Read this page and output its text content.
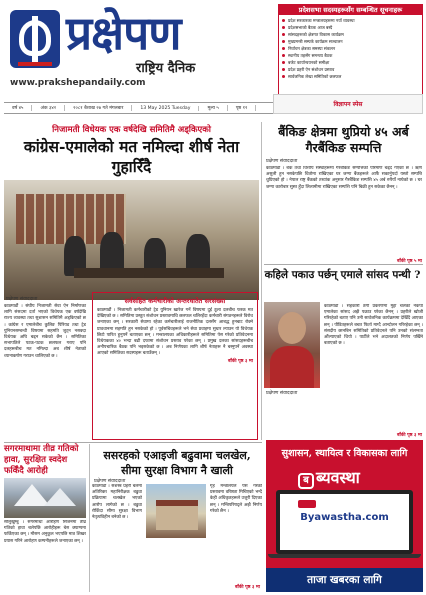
प्रक्षेपण
राष्ट्रिय दैनिक
www.prakshepandaily.com
प्रदेशसभा सदस्यहरूसँग सम्बन्धित सूचनाहरू
प्रदेश सरकारका मन्त्रालयहरूमा नयाँ व्यवस्था
प्रदेशसभाको बैठक आज बस्दै
सांसदहरूको क्षेत्रगत विकास कार्यक्रम
मुख्यमन्त्री सम्पर्क कार्यक्रम सञ्चालन
निर्वाचन क्षेत्रका समस्या संकलन
स्थानीय तहसँग समन्वय बैठक
बजेट कार्यान्वयनको समीक्षा
प्रदेश प्रहरी ऐन संशोधन प्रस्ताव
सार्वजनिक लेखा समितिको छलफल
वर्ष ४५	अंक ३४२	२०८१ बैशाख २७ गते मंगलबार	13 May 2025 Tuesday	मूल्य ५	पृष्ठ १२
विज्ञापन स्पेस
निजामती विधेयक एक वर्षदेखि समितिमै अड्किएको
कांग्रेस-एमालेको मत नमिल्दा शीर्ष नेता गुहारिँदै
प्रक्षेपण संवाददाता
काठमाडौं । संघीय निजामती सेवा ऐन निर्माणका लागि संसदमा दर्ता भएको विधेयक एक वर्षदेखि राज्य व्यवस्था तथा सुशासन समितिमै अड्किएको छ । कांग्रेस र एमालेबीच कुलिङ पिरियड तथा ट्रेड युनियनसम्बन्धी विषयमा सहमति जुट्न नसक्दा विधेयक अघि बढ्न सकेको छैन । समितिका सभापतिले पटक-पटक छलफल गराए पनि दलहरूबीच मत नमिल्दा अब शीर्ष नेताको ध्यानाकर्षण गराउन थालिएको छ ।
सर्वसहित कर्मचारीको अन्तरघातेत सरसंख्या
काठमाडौं । निजामती कर्मचारीको ट्रेड युनियन खारेज गर्ने विषयमा दुई ठूला दलबीच फरक मत देखिएको छ । समितिमा प्रस्तुत संशोधन प्रस्तावमाथि छलफल चलिरहँदा कर्मचारी संगठनहरूले विरोध जनाएका छन् । सरकारी सेवामा रहेका कर्मचारीलाई राजनीतिक दलसँग आबद्ध हुनबाट रोक्ने प्रावधानमा सहमति हुन नसकेको हो । पूर्वसचिवहरूले भने सेवा प्रवाहमा सुधार ल्याउन यो विधेयक छिटो पारित हुनुपर्ने बताएका छन् । मन्त्रालयका अधिकारीहरूले समितिमा पेस गरेको प्रतिवेदनमा विधेयकका ४० भन्दा बढी दफामा संशोधन प्रस्ताव परेका छन् । प्रमुख दलका सांसदहरूबीच अनौपचारिक बैठक पनि भइसकेको छ । अब निर्णयका लागि शीर्ष नेताहरू नै बस्नुपर्ने अवस्था आएको समितिका सदस्यहरू बताउँछन् ।
बाँकी पृष्ठ ३ मा
बैंकिङ क्षेत्रमा थुप्रियो ४५ अर्ब गैरबैंकिङ सम्पत्ति
प्रक्षेपण संवाददाता
काठमाडौं । बैंक तथा वित्तीय संस्थाहरूमा गैरबैंकिङ सम्पत्तिको परिमाण बढ्दै गएको छ । ऋण असुली हुन नसकेपछि धितोमा राखिएका घर जग्गा बैंकहरूले आफैं सकार्नुपर्दा यस्तो सम्पत्ति थुप्रिएको हो । नेपाल राष्ट्र बैंकको तथ्यांक अनुसार गैरबैंकिङ सम्पत्ति ४५ अर्ब रुपैयाँ नाघेको छ । घर जग्गा कारोबार सुस्त हुँदा लिलामीमा राखिएका सम्पत्ति पनि बिक्री हुन सकेका छैनन् ।
बाँकी पृष्ठ ५ मा
कहिले पकाउ पर्छन् एमाले सांसद पन्थी ?
प्रक्षेपण संवाददाता
काठमाडौं । सहकारी ठगी प्रकरणमा मुद्दा चलेका नेकपा एमालेका सांसद अझै पक्राउ परेका छैनन् । प्रहरीले खोजी गरिरहेको बताए पनि उनी सार्वजनिक कार्यक्रममा देखिँदै आएका छन् । पीडितहरूले बचत फिर्ता माग्दै आन्दोलन गरिरहेका छन् । संसदीय छानबिन समितिको प्रतिवेदनले पनि उनको संलग्नता औंल्याएको थियो । पार्टीले भने अदालतको निर्णय पर्खिने बताएको छ ।
बाँकी पृष्ठ ३ मा
सगरमाथामा तीव्र गतिको हावा, सुरक्षित स्वदेश फर्किँदै आरोही
सोलुखुम्बु । सगरमाथा आरोहण सिजनमा तीव्र गतिको हावा चलेपछि आरोहीहरू बेस क्याम्पमा फर्किएका छन् । मौसम अनुकूल भएपछि मात्र शिखर प्रयास गरिने आरोहण कम्पनीहरूले जनाएका छन् ।
ससरहको एआइजी बढुवामा चलखेल, सीमा सुरक्षा विभाग नै खाली
प्रक्षेपण संवाददाता
काठमाडौं । सशस्त्र प्रहरी बलमा अतिरिक्त महानिरीक्षक बढुवा प्रक्रियामा चलखेल भएको आरोप लागेको छ । बढुवा रोकिँदा सीमा सुरक्षा विभाग नेतृत्वविहीन बनेको छ ।
गृह मन्त्रालयले पेस गरेको प्रस्तावमा वरिष्ठता मिचिएको भन्दै केही अधिकृतहरूले उजुरी दिएका छन् । मन्त्रिपरिषद्ले अझै निर्णय गरेको छैन ।
बाँकी पृष्ठ ३ मा
सुशासन, स्थायित्व र विकासका लागि
ब ब्यवस्था
Byawastha.com
ताजा खबरका लागि
